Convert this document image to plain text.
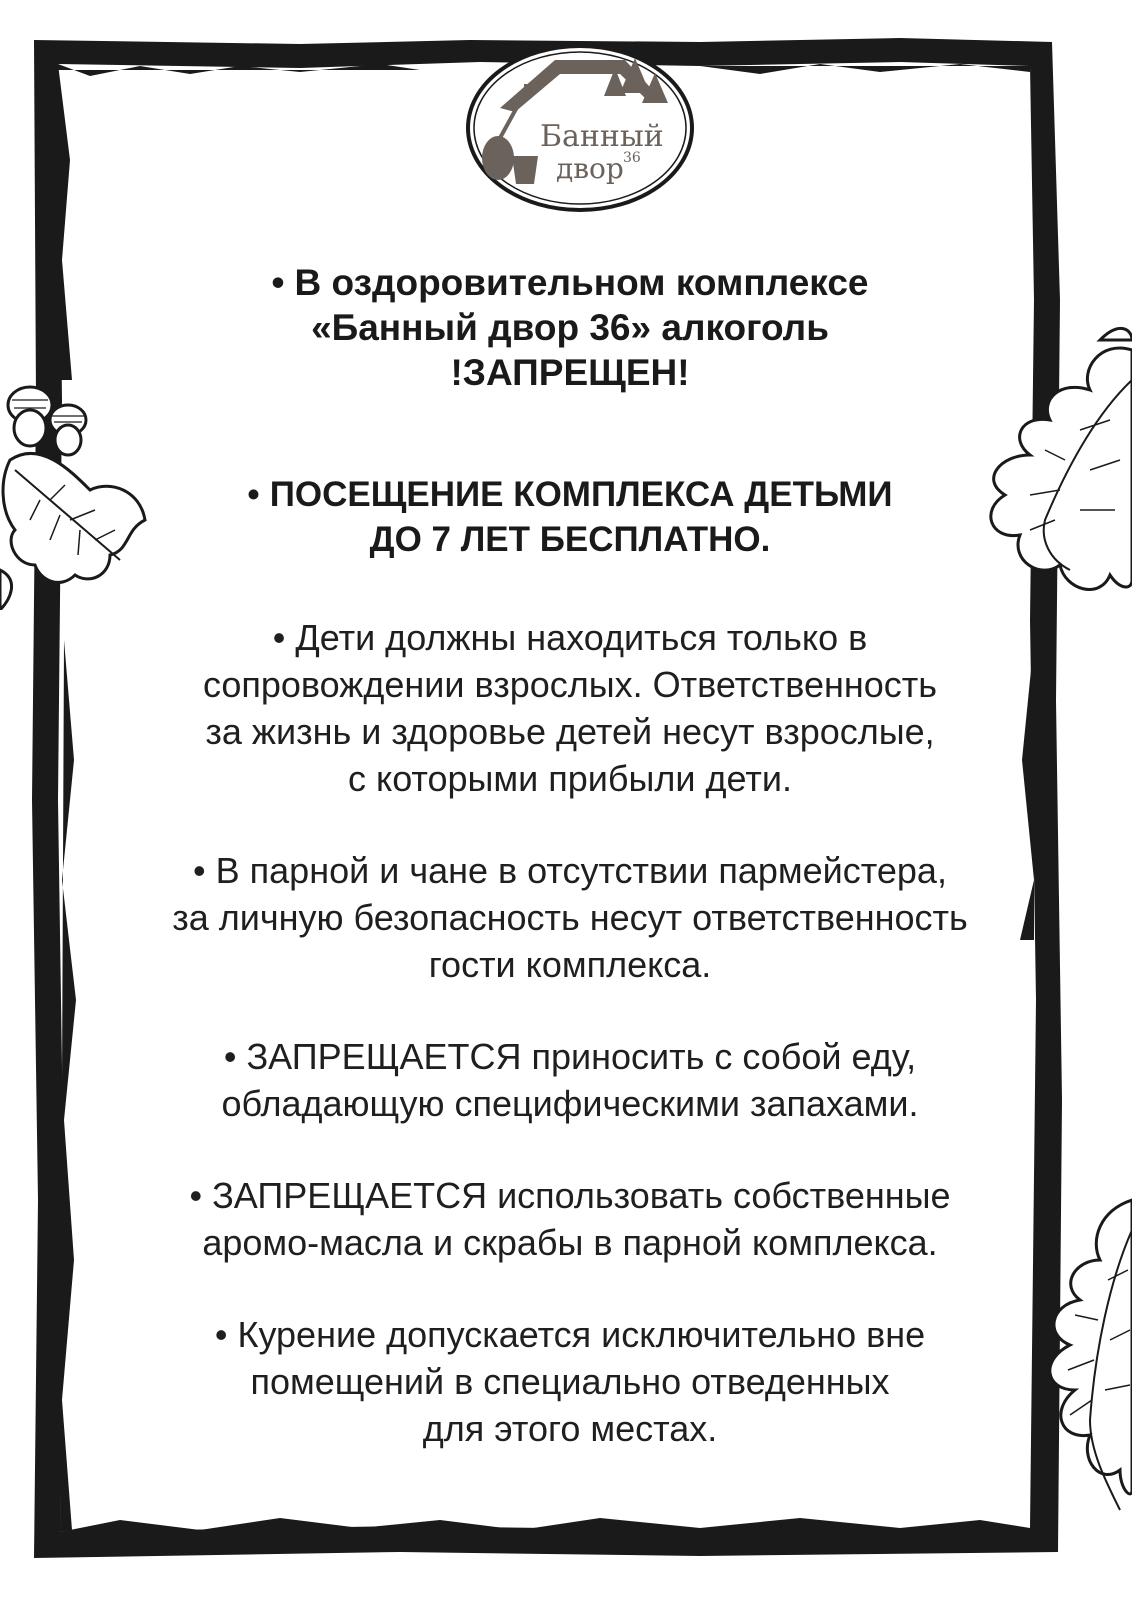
Банный
двор 36
• В оздоровительном комплексе
«Банный двор 36» алкоголь
!ЗАПРЕЩЕН!
• ПОСЕЩЕНИЕ КОМПЛЕКСА ДЕТЬМИ
ДО 7 ЛЕТ БЕСПЛАТНО.
• Дети должны находиться только в
сопровождении взрослых. Ответственность
за жизнь и здоровье детей несут взрослые,
с которыми прибыли дети.
• В парной и чане в отсутствии пармейстера,
за личную безопасность несут ответственность
гости комплекса.
• ЗАПРЕЩАЕТСЯ приносить с собой еду,
обладающую специфическими запахами.
• ЗАПРЕЩАЕТСЯ использовать собственные
аромо-масла и скрабы в парной комплекса.
• Курение допускается исключительно вне
помещений в специально отведенных
для этого местах.
